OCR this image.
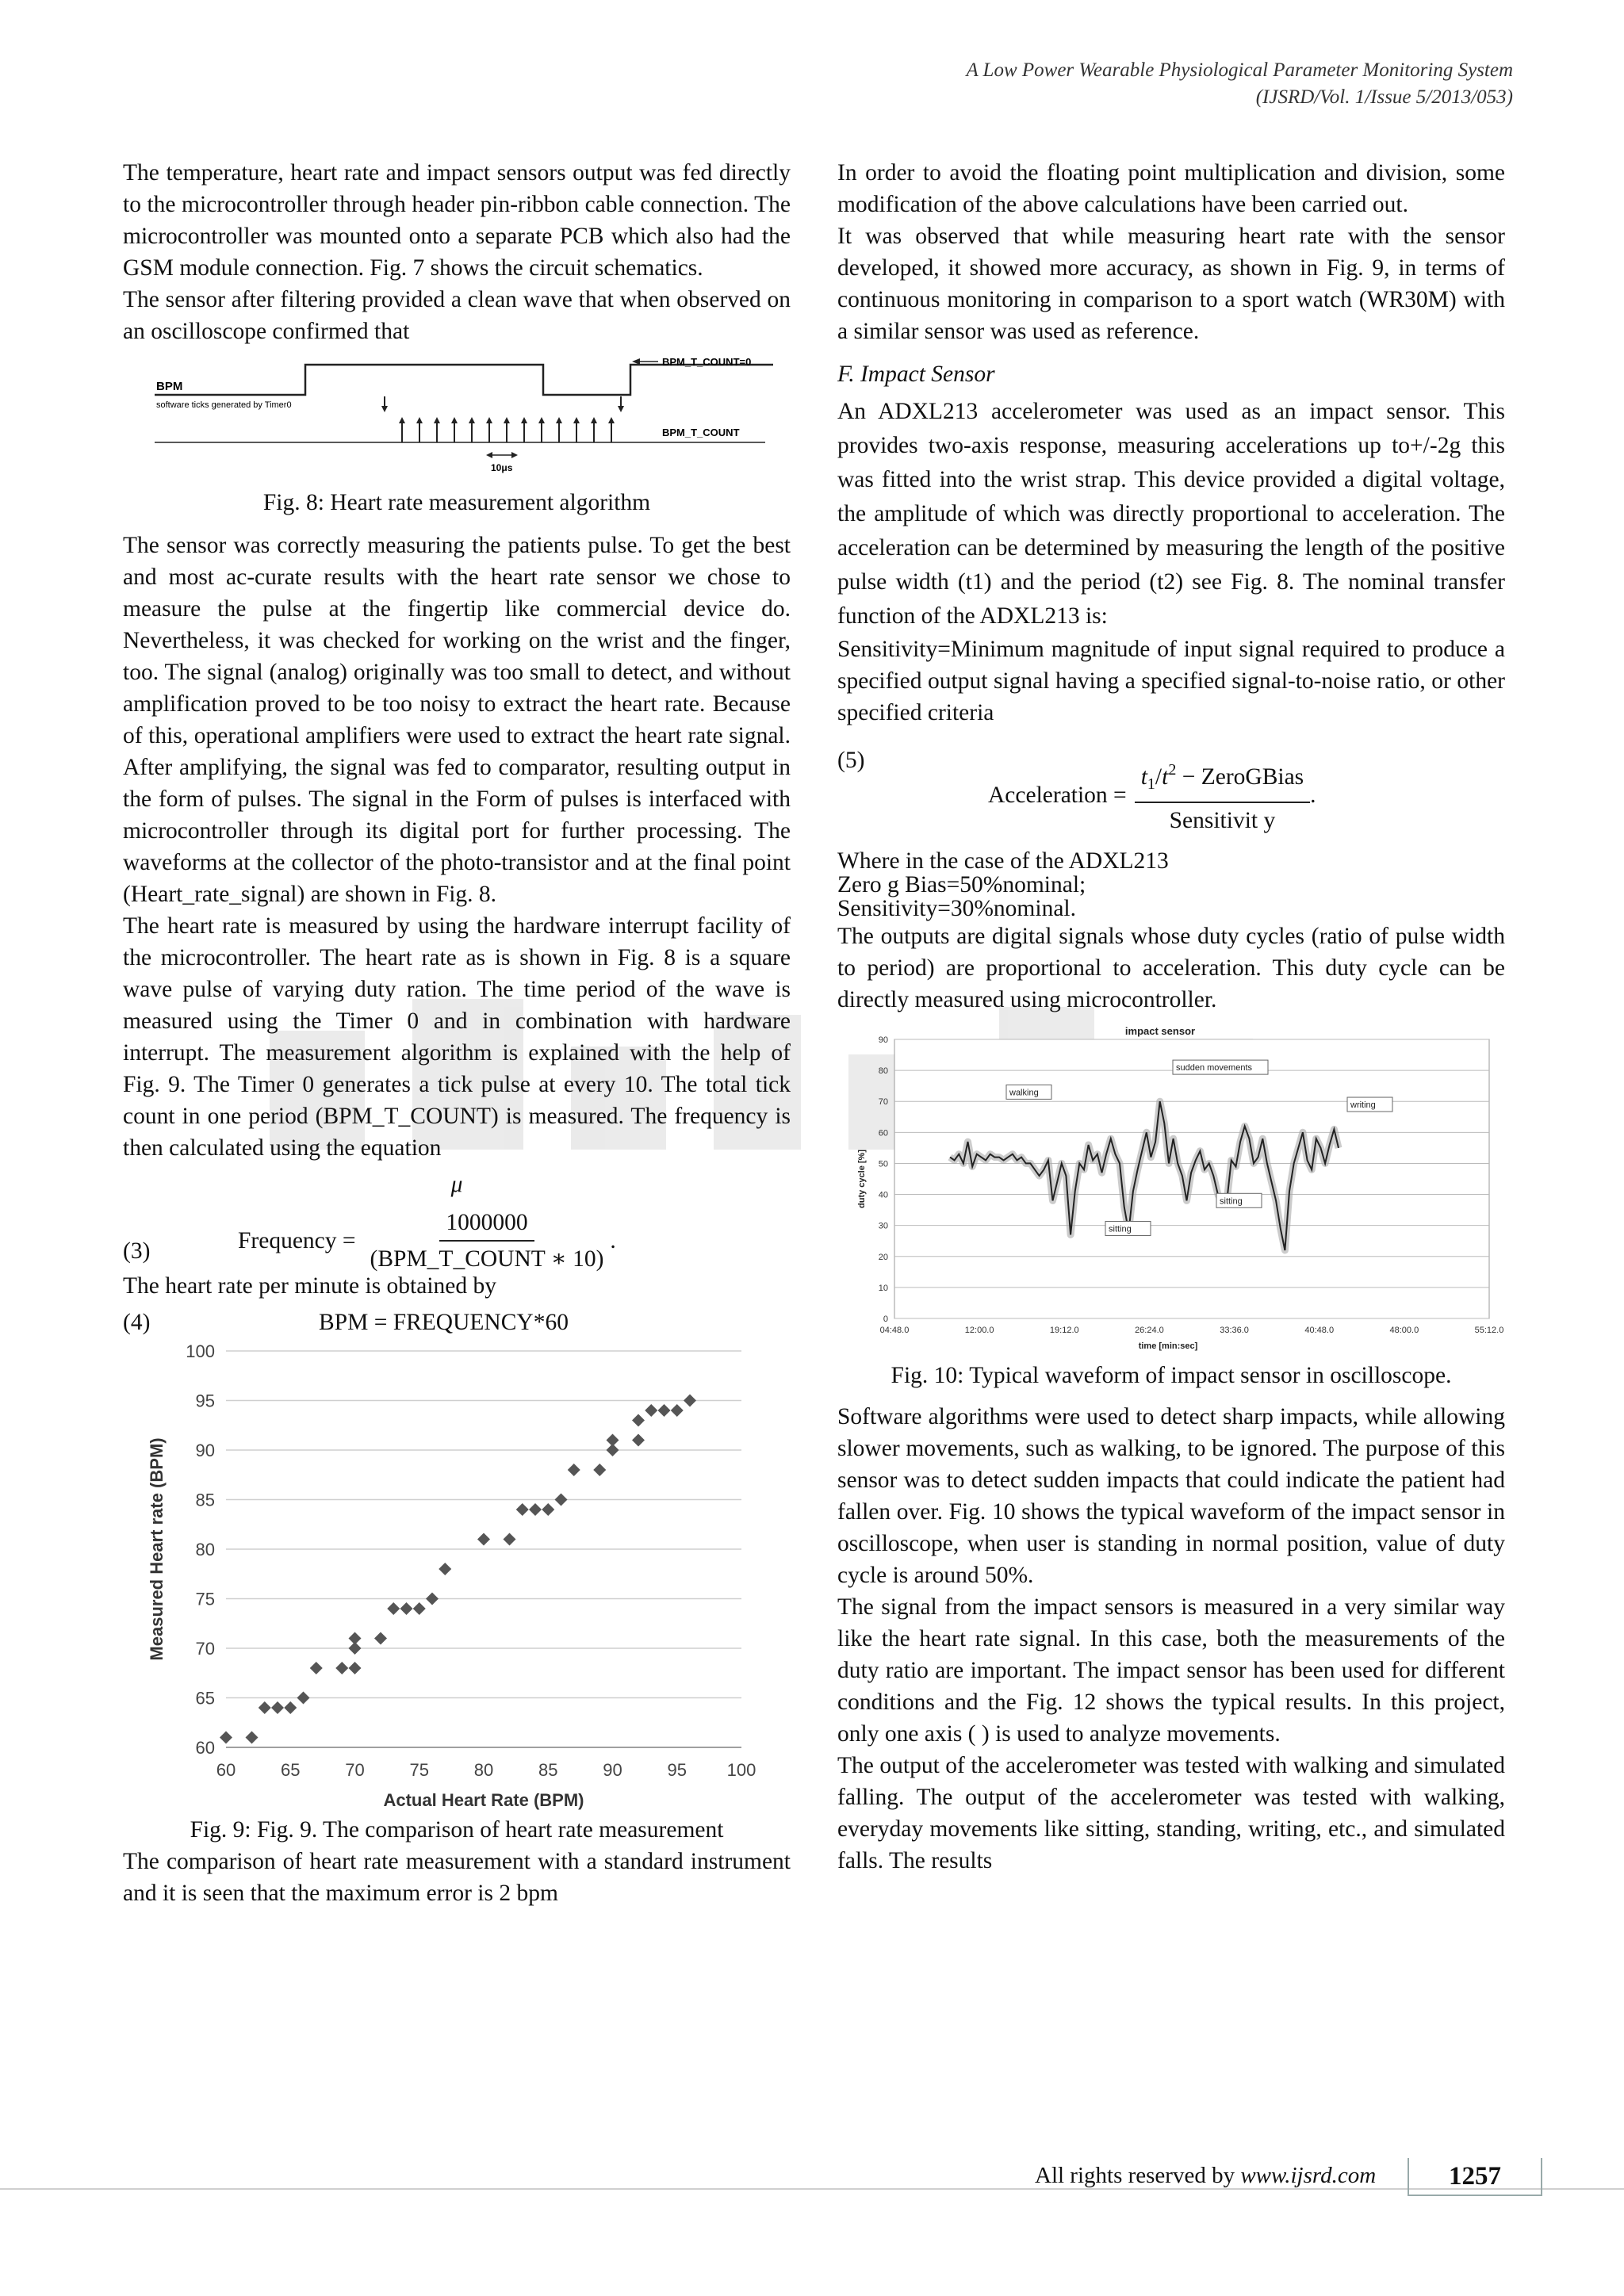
A Low Power Wearable Physiological Parameter Monitoring System
(IJSRD/Vol. 1/Issue 5/2013/053)

The temperature, heart rate and impact sensors output was fed directly to the microcontroller through header pin-ribbon cable connection. The microcontroller was mounted onto a separate PCB which also had the GSM module connection. Fig. 7 shows the circuit schematics.

The sensor after filtering provided a clean wave that when observed on an oscilloscope confirmed that

BPM
software ticks generated by Timer0
BPM_T_COUNT=0
BPM_T_COUNT
10μs

Fig. 8: Heart rate measurement algorithm

The sensor was correctly measuring the patients pulse. To get the best and most ac-curate results with the heart rate sensor we chose to measure the pulse at the fingertip like commercial device do. Nevertheless, it was checked for working on the wrist and the finger, too. The signal (analog) originally was too small to detect, and without amplification proved to be too noisy to extract the heart rate. Because of this, operational amplifiers were used to extract the heart rate signal. After amplifying, the signal was fed to comparator, resulting output in the form of pulses. The signal in the Form of pulses is interfaced with microcontroller through its digital port for further processing. The waveforms at the collector of the photo-transistor and at the final point (Heart_rate_signal) are shown in Fig. 8.

The heart rate is measured by using the hardware interrupt facility of the microcontroller. The heart rate as is shown in Fig. 8 is a square wave pulse of varying duty ration. The time period of the wave is measured using the Timer 0 and in combination with hardware interrupt. The measurement algorithm is explained with the help of Fig. 9. The Timer 0 generates a tick pulse at every 10. The total tick count in one period (BPM_T_COUNT) is measured. The frequency is then calculated using the equation

μ
(3)	Frequency = $\frac{1000000}{\text{(BPM\_T\_COUNT ∗ 10)}}$ .

The heart rate per minute is obtained by

(4)	BPM = FREQUENCY*60
60
65
70
75
80
85
90
95
100
60	65	70	75	80	85	90	95 100
Actual Heart Rate (BPM)
Measured Heart rate (BPM)

Fig. 9: Fig. 9. The comparison of heart rate measurement

The comparison of heart rate measurement with a standard instrument and it is seen that the maximum error is 2 bpm

In order to avoid the floating point multiplication and division, some modification of the above calculations have been carried out.

It was observed that while measuring heart rate with the sensor developed, it showed more accuracy, as shown in Fig. 9, in terms of continuous monitoring in comparison to a sport watch (WR30M) with a similar sensor was used as reference.

F. Impact Sensor

An ADXL213 accelerometer was used as an impact sensor. This provides two-axis response, measuring accelerations up to+/-2g this was fitted into the wrist strap. This device provided a digital voltage, the amplitude of which was directly proportional to acceleration. The acceleration can be determined by measuring the length of the positive pulse width (t1) and the period (t2) see Fig. 8. The nominal transfer function of the ADXL213 is:

Sensitivity=Minimum magnitude of input signal required to produce a specified output signal having a specified signal-to-noise ratio, or other specified criteria

(5)
Acceleration = $\frac{t_1/t^2 - ZeroGBias}{\text{Sensitivit y}}$ .
Where in the case of the ADXL213
Zero g Bias=50%nominal;
Sensitivity=30%nominal.

The outputs are digital signals whose duty cycles (ratio of pulse width to period) are proportional to acceleration. This duty cycle can be directly measured using microcontroller.

0
10
20
30
40
50
60
70
80
90
04:48.0	12:00.0	19:12.0	26:24.0	33:36.0	40:48.0	48:00.0	55:12.0
impact sensor
time [min:sec]
duty cycle [%]
walking
sudden movements
sitting
sitting
writing

Fig. 10: Typical waveform of impact sensor in oscilloscope.

Software algorithms were used to detect sharp impacts, while allowing slower movements, such as walking, to be ignored. The purpose of this sensor was to detect sudden impacts that could indicate the patient had fallen over. Fig. 10 shows the typical waveform of the impact sensor in oscilloscope, when user is standing in normal position, value of duty cycle is around 50%.

The signal from the impact sensors is measured in a very similar way like the heart rate signal. In this case, both the measurements of the duty ratio are important. The impact sensor has been used for different conditions and the Fig. 12 shows the typical results. In this project, only one axis ( ) is used to analyze movements.

The output of the accelerometer was tested with walking and simulated falling. The output of the accelerometer was tested with walking, everyday movements like sitting, standing, writing, etc., and simulated falls. The results

All rights reserved by www.ijsrd.com	1257
